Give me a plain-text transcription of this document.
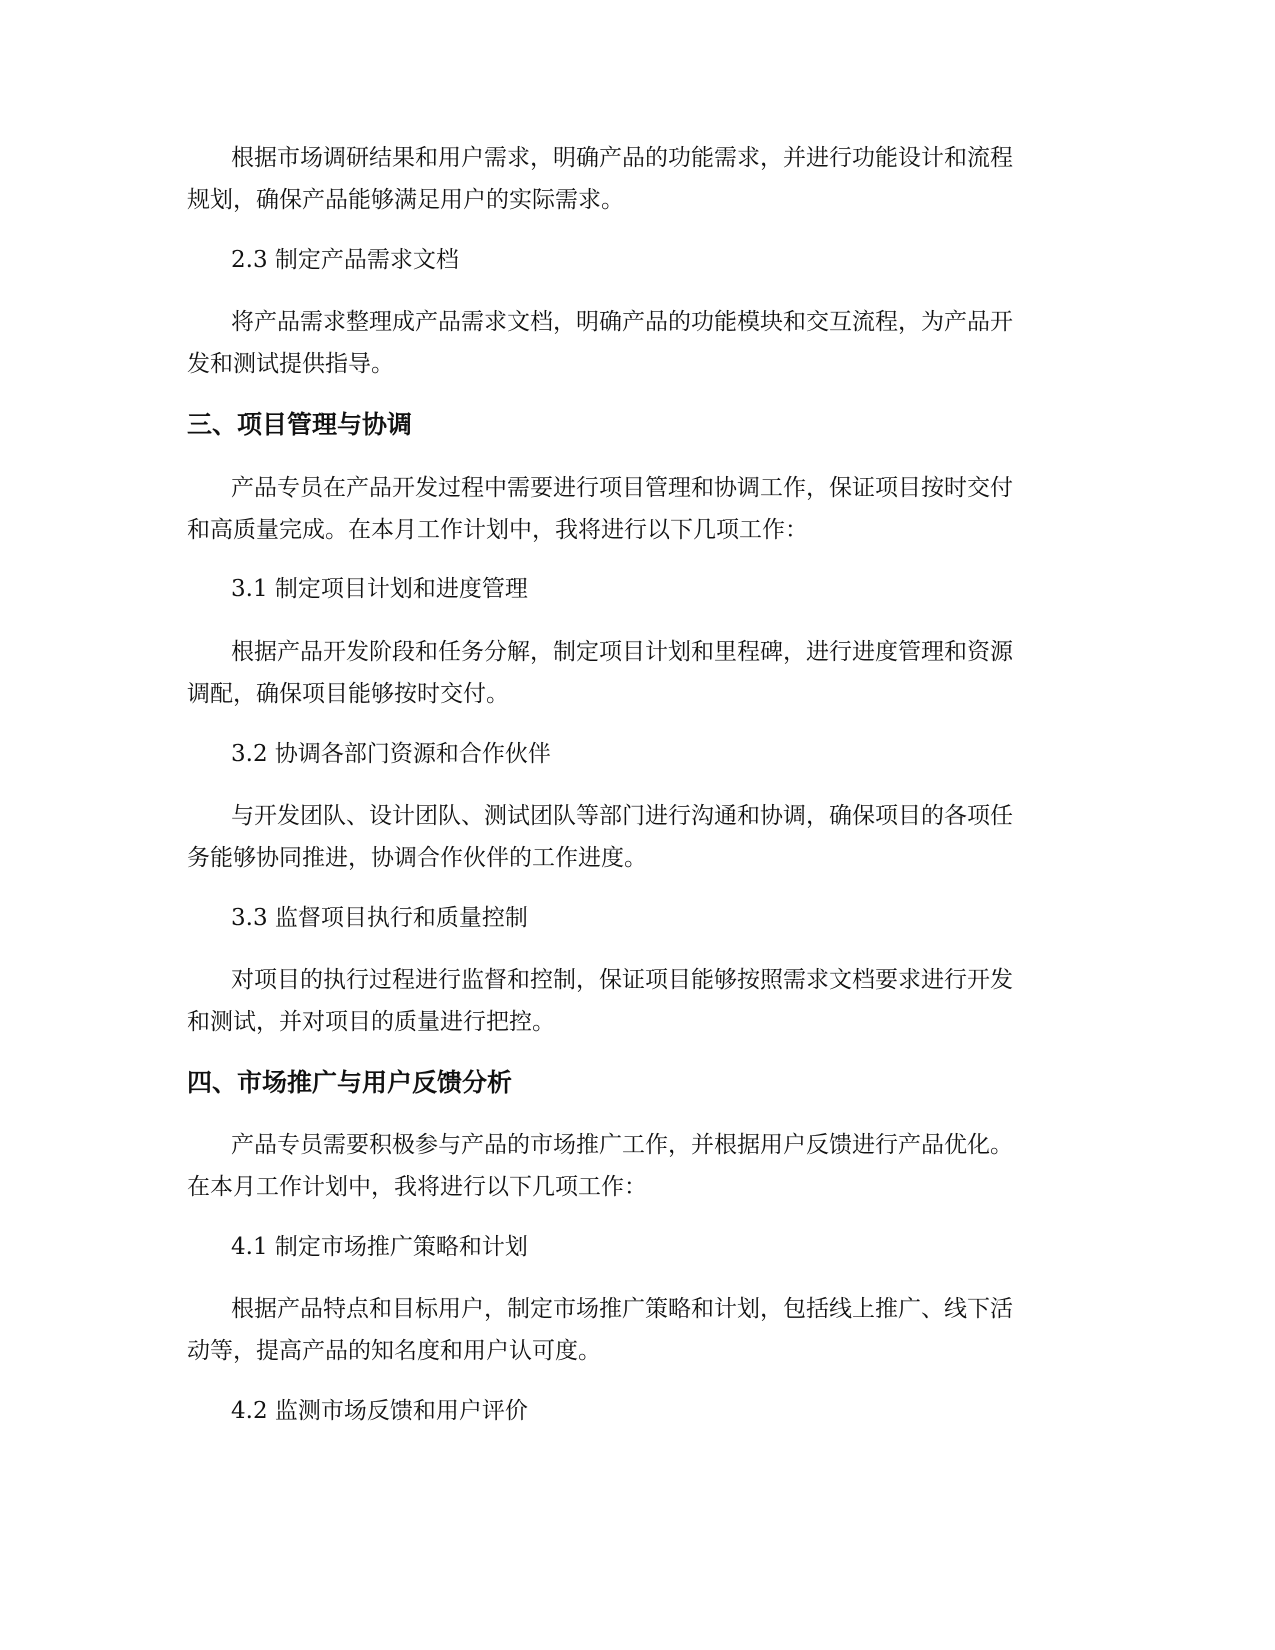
根据市场调研结果和用户需求，明确产品的功能需求，并进行功能设计和流程
规划，确保产品能够满足用户的实际需求。
2.3 制定产品需求文档
将产品需求整理成产品需求文档，明确产品的功能模块和交互流程，为产品开
发和测试提供指导。
三、项目管理与协调
产品专员在产品开发过程中需要进行项目管理和协调工作，保证项目按时交付
和高质量完成。在本月工作计划中，我将进行以下几项工作：
3.1 制定项目计划和进度管理
根据产品开发阶段和任务分解，制定项目计划和里程碑，进行进度管理和资源
调配，确保项目能够按时交付。
3.2 协调各部门资源和合作伙伴
与开发团队、设计团队、测试团队等部门进行沟通和协调，确保项目的各项任
务能够协同推进，协调合作伙伴的工作进度。
3.3 监督项目执行和质量控制
对项目的执行过程进行监督和控制，保证项目能够按照需求文档要求进行开发
和测试，并对项目的质量进行把控。
四、市场推广与用户反馈分析
产品专员需要积极参与产品的市场推广工作，并根据用户反馈进行产品优化。
在本月工作计划中，我将进行以下几项工作：
4.1 制定市场推广策略和计划
根据产品特点和目标用户，制定市场推广策略和计划，包括线上推广、线下活
动等，提高产品的知名度和用户认可度。
4.2 监测市场反馈和用户评价
